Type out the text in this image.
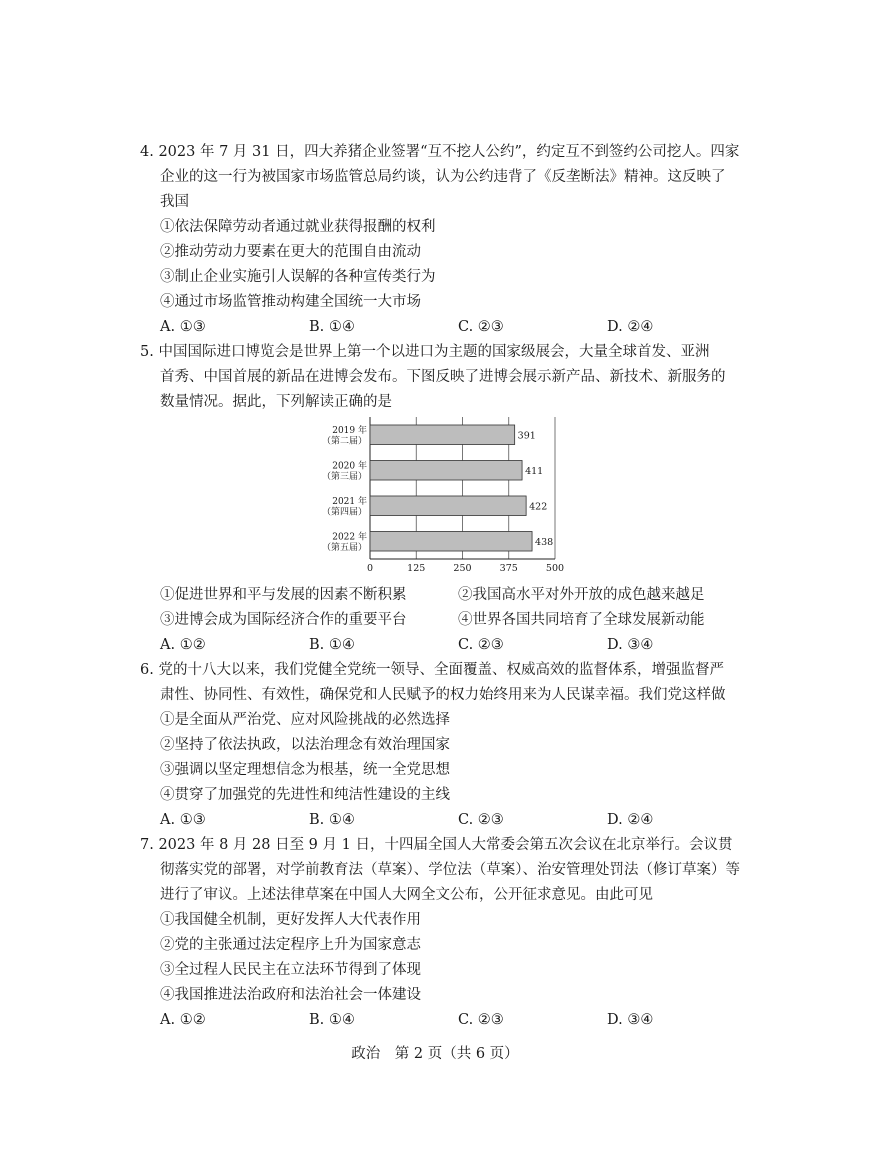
4. 2023 年 7 月 31 日，四大养猪企业签署“互不挖人公约”，约定互不到签约公司挖人。四家
企业的这一行为被国家市场监管总局约谈，认为公约违背了《反垄断法》精神。这反映了
我国
①依法保障劳动者通过就业获得报酬的权利
②推动劳动力要素在更大的范围自由流动
③制止企业实施引人误解的各种宣传类行为
④通过市场监管推动构建全国统一大市场
A. ①③	B. ①④	C. ②③	D. ②④
5. 中国国际进口博览会是世界上第一个以进口为主题的国家级展会，大量全球首发、亚洲
首秀、中国首展的新品在进博会发布。下图反映了进博会展示新产品、新技术、新服务的
数量情况。据此，下列解读正确的是
391
411
422
438
2019 年
（第二届）
2020 年
（第三届）
2021 年
（第四届）
2022 年
（第五届）
0	125	250	375	500
①促进世界和平与发展的因素不断积累	②我国高水平对外开放的成色越来越足
③进博会成为国际经济合作的重要平台	④世界各国共同培育了全球发展新动能
A. ①②	B. ①④	C. ②③	D. ③④
6. 党的十八大以来，我们党健全党统一领导、全面覆盖、权威高效的监督体系，增强监督严
肃性、协同性、有效性，确保党和人民赋予的权力始终用来为人民谋幸福。我们党这样做
①是全面从严治党、应对风险挑战的必然选择
②坚持了依法执政，以法治理念有效治理国家
③强调以坚定理想信念为根基，统一全党思想
④贯穿了加强党的先进性和纯洁性建设的主线
A. ①③	B. ①④	C. ②③	D. ②④
7. 2023 年 8 月 28 日至 9 月 1 日，十四届全国人大常委会第五次会议在北京举行。会议贯
彻落实党的部署，对学前教育法（草案）、学位法（草案）、治安管理处罚法（修订草案）等
进行了审议。上述法律草案在中国人大网全文公布，公开征求意见。由此可见
①我国健全机制，更好发挥人大代表作用
②党的主张通过法定程序上升为国家意志
③全过程人民民主在立法环节得到了体现
④我国推进法治政府和法治社会一体建设
A. ①②	B. ①④	C. ②③	D. ③④
政治　第 2 页（共 6 页）
